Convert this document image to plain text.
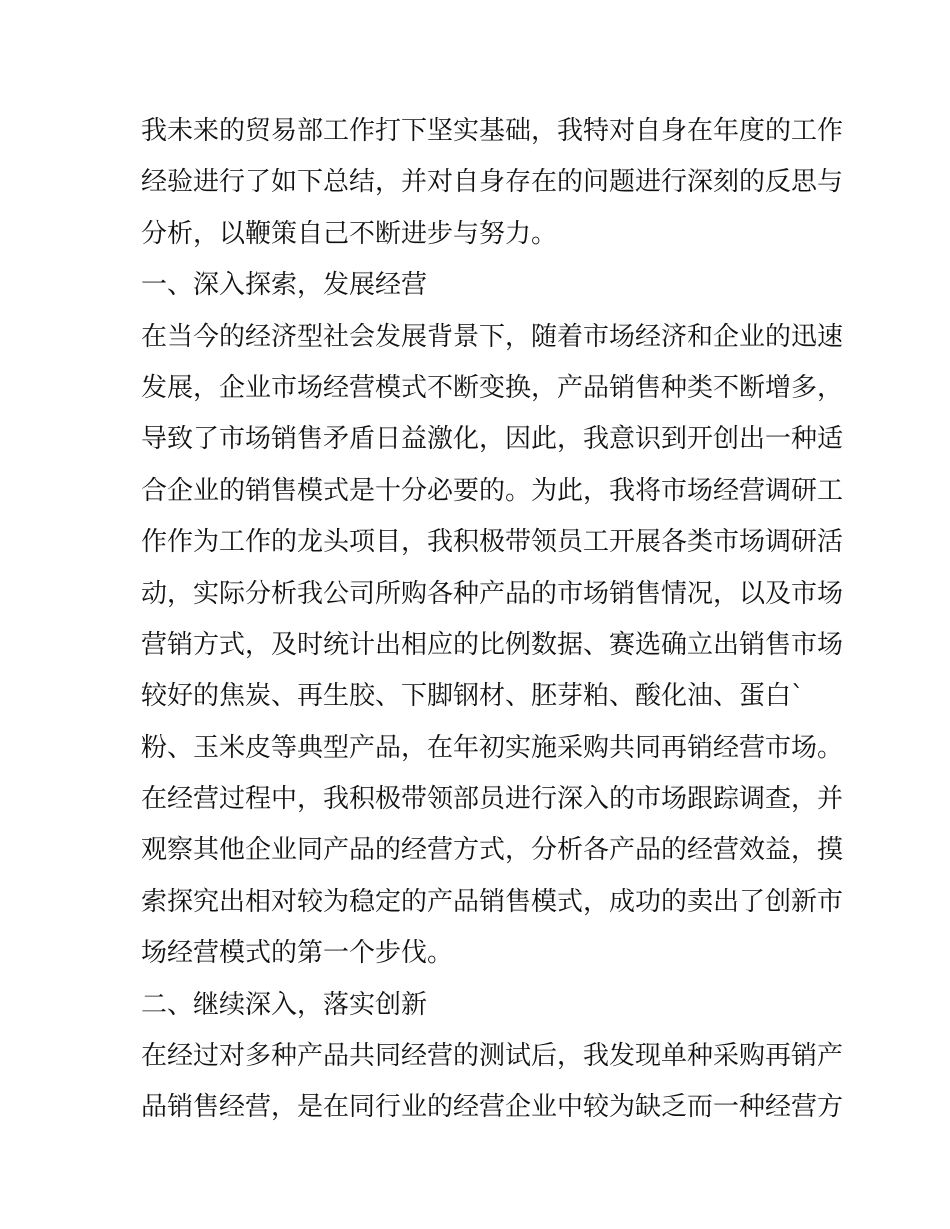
我未来的贸易部工作打下坚实基础，我特对自身在年度的工作
经验进行了如下总结，并对自身存在的问题进行深刻的反思与
分析，以鞭策自己不断进步与努力。
一、深入探索，发展经营
在当今的经济型社会发展背景下，随着市场经济和企业的迅速
发展，企业市场经营模式不断变换，产品销售种类不断增多，
导致了市场销售矛盾日益激化，因此，我意识到开创出一种适
合企业的销售模式是十分必要的。为此，我将市场经营调研工
作作为工作的龙头项目，我积极带领员工开展各类市场调研活
动，实际分析我公司所购各种产品的市场销售情况，以及市场
营销方式，及时统计出相应的比例数据、赛选确立出销售市场
较好的焦炭、再生胶、下脚钢材、胚芽粕、酸化油、蛋白`
粉、玉米皮等典型产品，在年初实施采购共同再销经营市场。
在经营过程中，我积极带领部员进行深入的市场跟踪调查，并
观察其他企业同产品的经营方式，分析各产品的经营效益，摸
索探究出相对较为稳定的产品销售模式，成功的卖出了创新市
场经营模式的第一个步伐。
二、继续深入，落实创新
在经过对多种产品共同经营的测试后，我发现单种采购再销产
品销售经营，是在同行业的经营企业中较为缺乏而一种经营方
